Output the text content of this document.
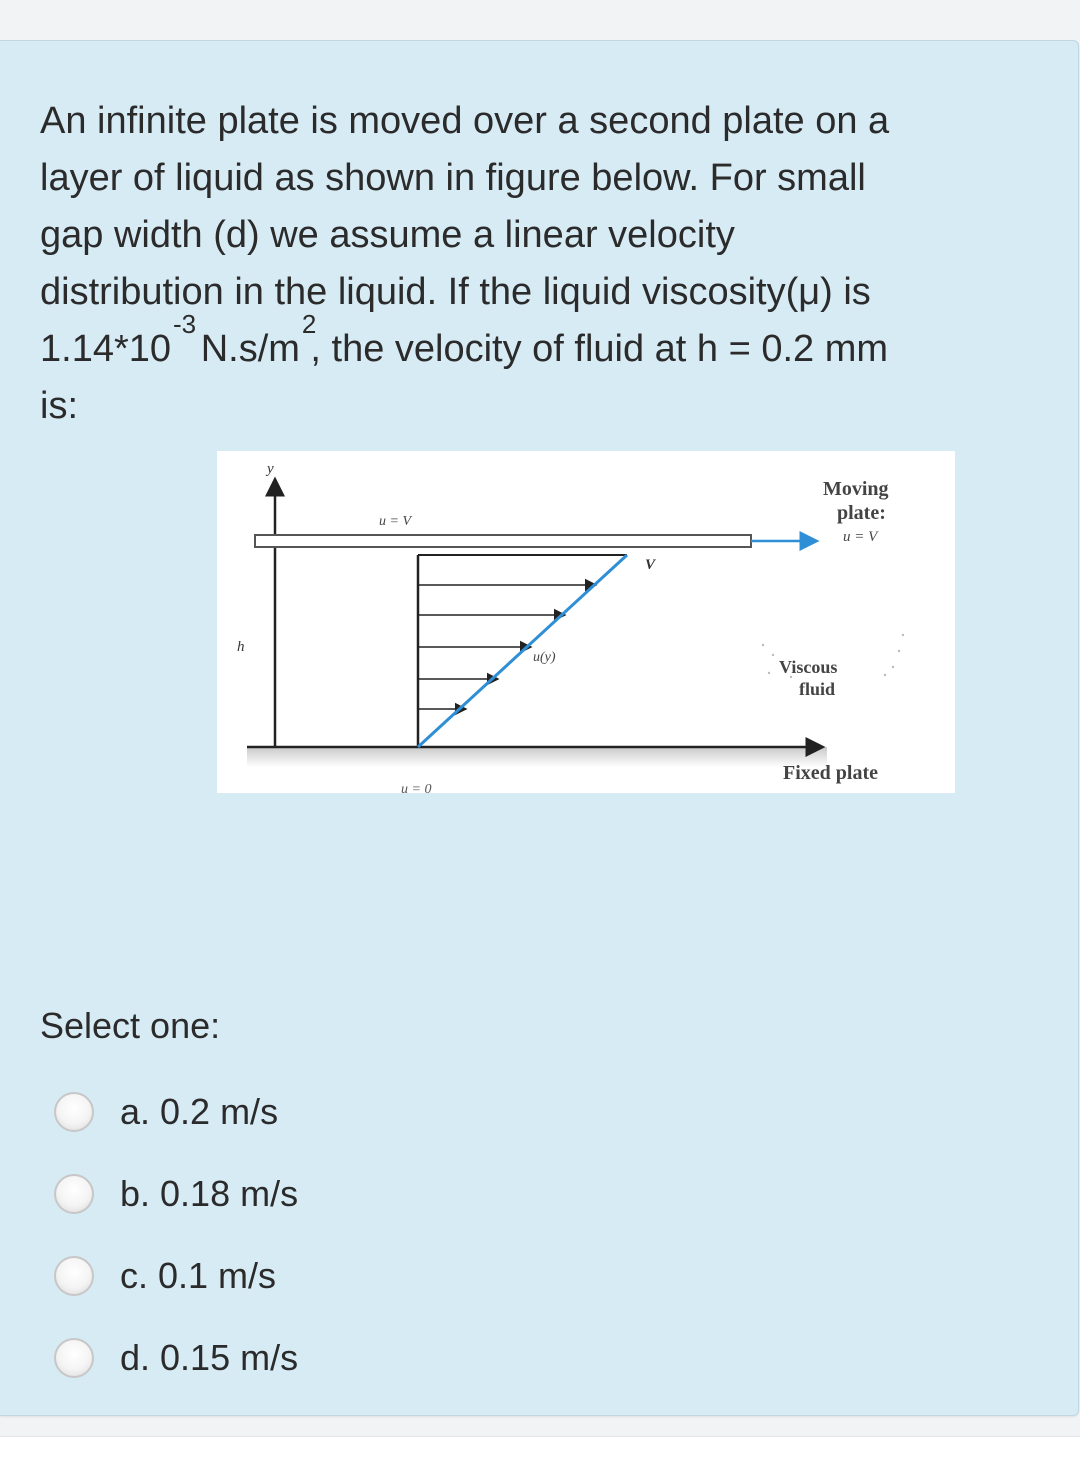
An infinite plate is moved over a second plate on a
layer of liquid as shown in figure below. For small
gap width (d) we assume a linear velocity
distribution in the liquid. If the liquid viscosity(μ) is
$1.14*10^{-3}$ $N.s/m^2$, the velocity of fluid at h = 0.2 mm
is:
y
u = V
V
h
u(y)
Moving
plate:
u = V
Viscous
fluid
Fixed plate
u = 0
Select one:
a. 0.2 m/s
b. 0.18 m/s
c. 0.1 m/s
d. 0.15 m/s
